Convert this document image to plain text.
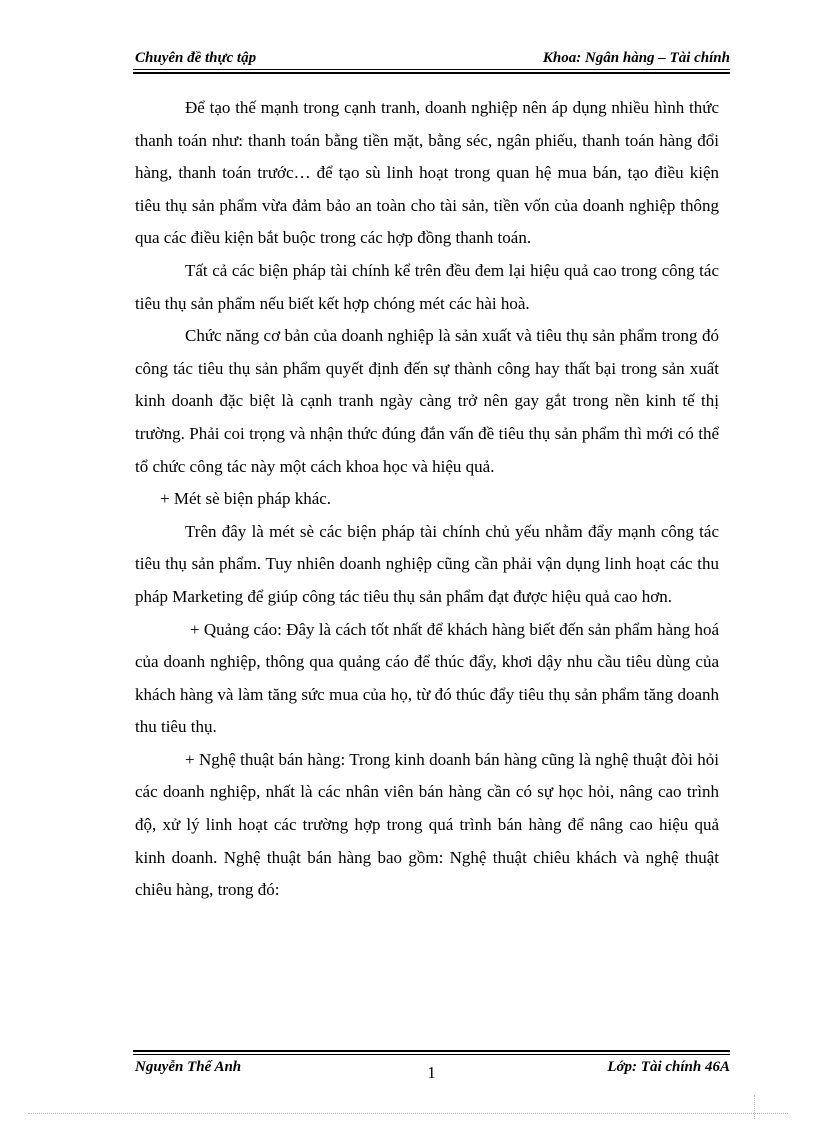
Chuyên đề thực tập	Khoa: Ngân hàng – Tài chính

Để tạo thế mạnh trong cạnh tranh, doanh nghiệp nên áp dụng nhiều hình thức thanh toán như: thanh toán bằng tiền mặt, bằng séc, ngân phiếu, thanh toán hàng đổi hàng, thanh toán trước… để tạo sù linh hoạt trong quan hệ mua bán, tạo điều kiện tiêu thụ sản phẩm vừa đảm bảo an toàn cho tài sản, tiền vốn của doanh nghiệp thông qua các điều kiện bắt buộc trong các hợp đồng thanh toán.

Tất cả các biện pháp tài chính kể trên đều đem lại hiệu quả cao trong công tác tiêu thụ sản phẩm nếu biết kết hợp chóng mét các hài hoà.

Chức năng cơ bản của doanh nghiệp là sản xuất và tiêu thụ sản phẩm trong đó công tác tiêu thụ sản phẩm quyết định đến sự thành công hay thất bại trong sản xuất kinh doanh đặc biệt là cạnh tranh ngày càng trở nên gay gắt trong nền kinh tế thị trường. Phải coi trọng và nhận thức đúng đắn vấn đề tiêu thụ sản phẩm thì mới có thể tổ chức công tác này một cách khoa học và hiệu quả.

+ Mét sè biện pháp khác.

Trên đây là mét sè các biện pháp tài chính chủ yếu nhằm đẩy mạnh công tác tiêu thụ sản phẩm. Tuy nhiên doanh nghiệp cũng cần phải vận dụng linh hoạt các thu pháp Marketing để giúp công tác tiêu thụ sản phẩm đạt được hiệu quả cao hơn.

+ Quảng cáo: Đây là cách tốt nhất để khách hàng biết đến sản phẩm hàng hoá của doanh nghiệp, thông qua quảng cáo để thúc đẩy, khơi dậy nhu cầu tiêu dùng của khách hàng và làm tăng sức mua của họ, từ đó thúc đẩy tiêu thụ sản phẩm tăng doanh thu tiêu thụ.

+ Nghệ thuật bán hàng: Trong kinh doanh bán hàng cũng là nghệ thuật đòi hỏi các doanh nghiệp, nhất là các nhân viên bán hàng cần có sự học hỏi, nâng cao trình độ, xử lý linh hoạt các trường hợp trong quá trình bán hàng để nâng cao hiệu quả kinh doanh. Nghệ thuật bán hàng bao gồm: Nghệ thuật chiêu khách và nghệ thuật chiêu hàng, trong đó:

Nguyễn Thế Anh	1	Lớp: Tài chính 46A
